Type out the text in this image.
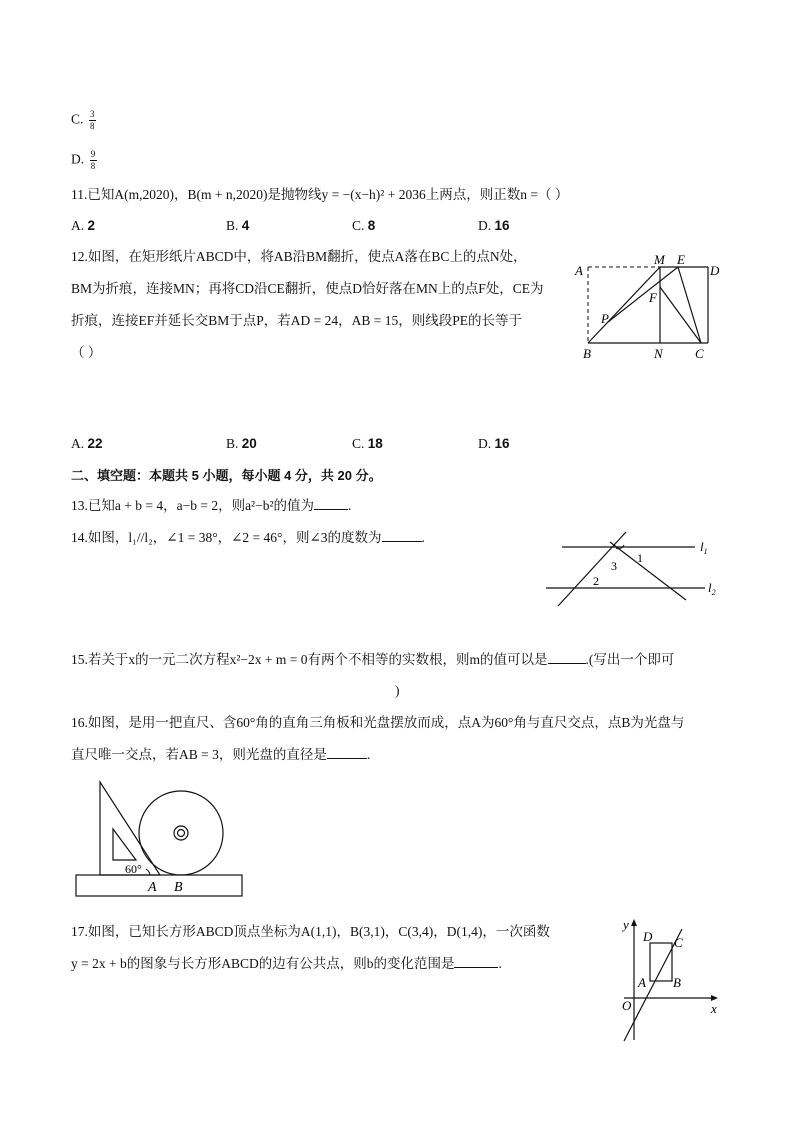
C. $\frac{3}{8}$
D. $\frac{9}{8}$
11.已知A(m,2020)，B(m + n,2020)是抛物线y = −(x−h)² + 2036上两点，则正数n =（ ）
A. 2	B. 4	C. 8	D. 16
12.如图，在矩形纸片ABCD中，将AB沿BM翻折，使点A落在BC上的点N处，
BM为折痕，连接MN；再将CD沿CE翻折，使点D恰好落在MN上的点F处，CE为
折痕，连接EF并延长交BM于点P，若AD = 24，AB = 15，则线段PE的长等于
（ ）
A
B	C
D
M E
F
N
P
A. 22	B. 20	C. 18	D. 16
二、填空题：本题共 5 小题，每小题 4 分，共 20 分。
13.已知a + b = 4，a−b = 2，则a²−b²的值为	.
14.如图，l₁//l₂，∠1 = 38°，∠2 = 46°，则∠3的度数为	.
1
2
3
$l_1$
$l_2$
15.若关于x的一元二次方程x²−2x + m = 0有两个不相等的实数根，则m的值可以是	.(写出一个即可
)
16.如图，是用一把直尺、含60°角的直角三角板和光盘摆放而成，点A为60°角与直尺交点，点B为光盘与
直尺唯一交点，若AB = 3，则光盘的直径是	.
60°
A B
17.如图，已知长方形ABCD顶点坐标为A(1,1)，B(3,1)，C(3,4)，D(1,4)，一次函数
y = 2x + b的图象与长方形ABCD的边有公共点，则b的变化范围是	.
y
x
O
A B
C
D
